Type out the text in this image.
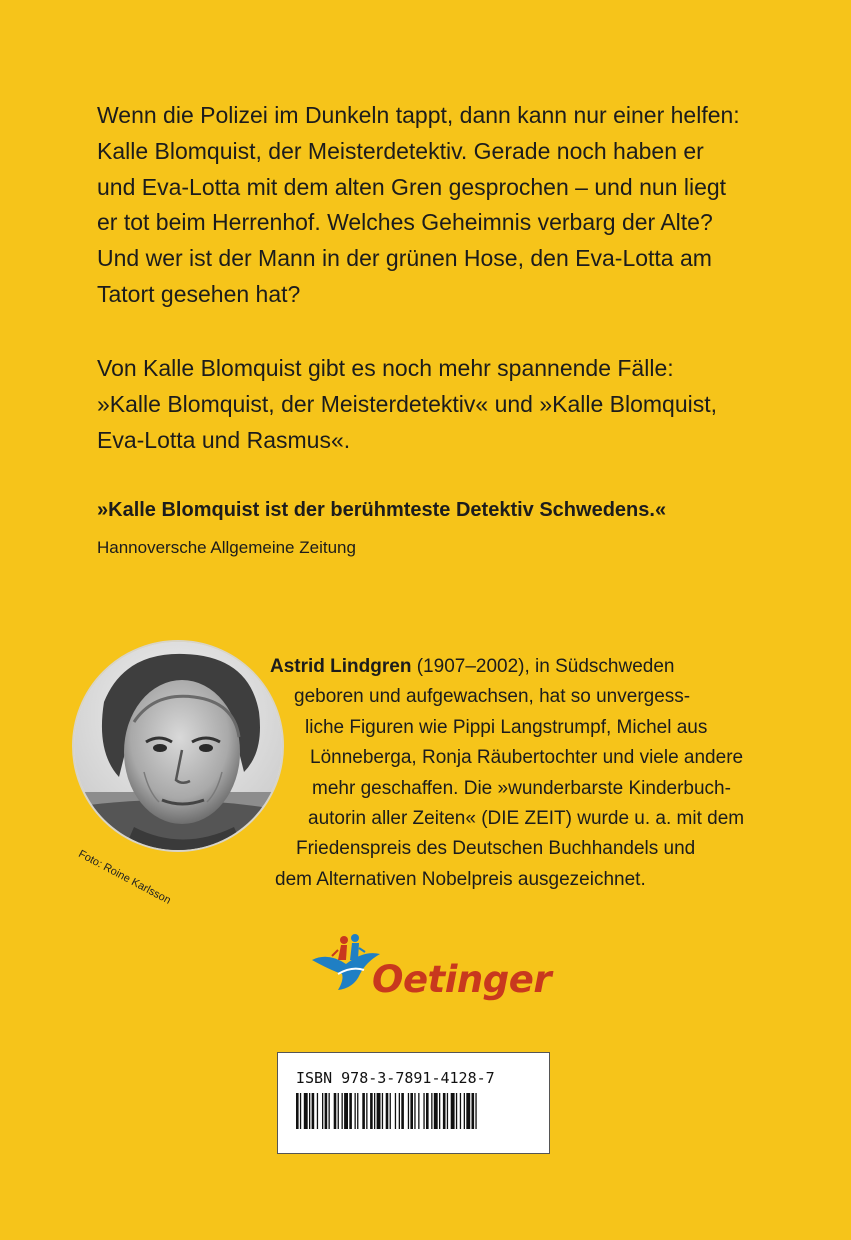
Wenn die Polizei im Dunkeln tappt, dann kann nur einer helfen:
Kalle Blomquist, der Meisterdetektiv. Gerade noch haben er
und Eva-Lotta mit dem alten Gren gesprochen – und nun liegt
er tot beim Herrenhof. Welches Geheimnis verbarg der Alte?
Und wer ist der Mann in der grünen Hose, den Eva-Lotta am
Tatort gesehen hat?

Von Kalle Blomquist gibt es noch mehr spannende Fälle:
»Kalle Blomquist, der Meisterdetektiv« und »Kalle Blomquist,
Eva-Lotta und Rasmus«.

»Kalle Blomquist ist der berühmteste Detektiv Schwedens.«
Hannoversche Allgemeine Zeitung
Foto: Roine Karlsson
Astrid Lindgren (1907–2002), in Südschweden
geboren und aufgewachsen, hat so unvergess-
liche Figuren wie Pippi Langstrumpf, Michel aus
Lönneberga, Ronja Räubertochter und viele andere
mehr geschaffen. Die »wunderbarste Kinderbuch-
autorin aller Zeiten« (DIE ZEIT) wurde u. a. mit dem
Friedenspreis des Deutschen Buchhandels und
dem Alternativen Nobelpreis ausgezeichnet.
Oetinger
ISBN 978-3-7891-4128-7
